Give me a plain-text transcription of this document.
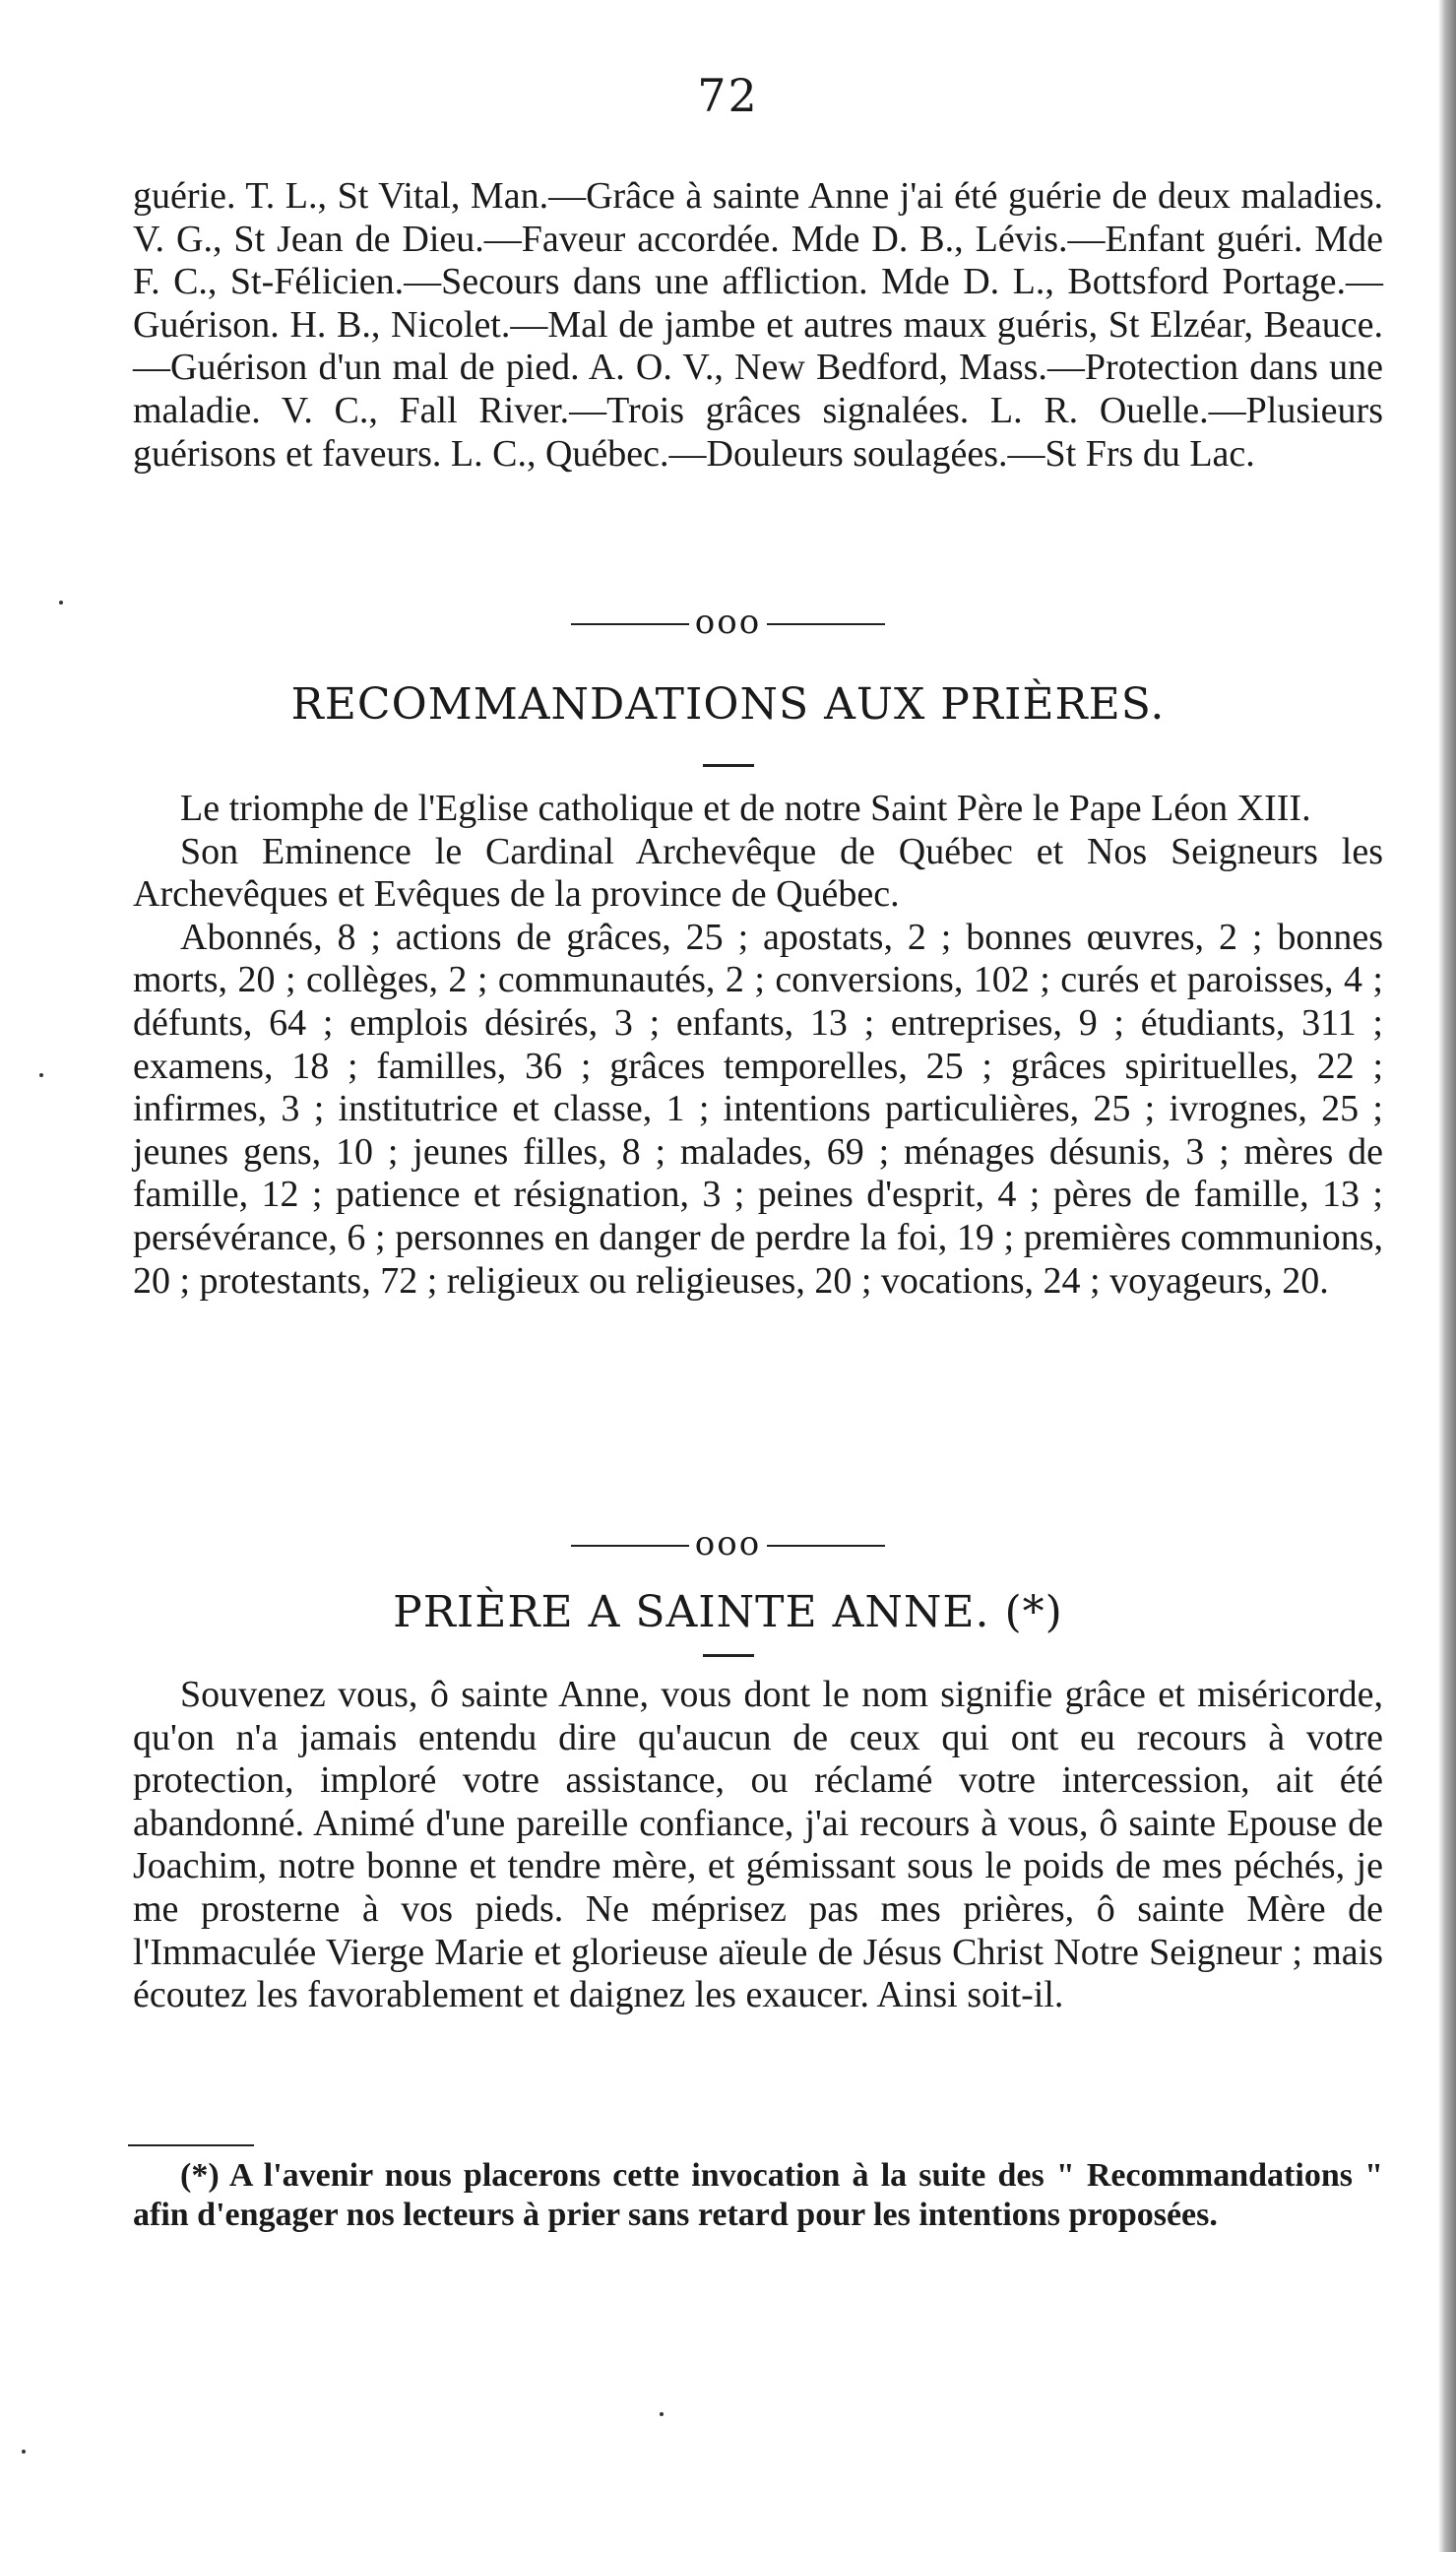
72

guérie. T. L., St Vital, Man.—Grâce à sainte Anne j'ai été guérie de deux maladies. V. G., St Jean de Dieu.—Faveur accordée. Mde D. B., Lévis.—Enfant guéri. Mde F. C., St-Félicien.—Secours dans une affliction. Mde D. L., Bottsford Portage.—Guérison. H. B., Nicolet.—Mal de jambe et autres maux guéris, St Elzéar, Beauce.—Guérison d'un mal de pied. A. O. V., New Bedford, Mass.—Protection dans une maladie. V. C., Fall River.—Trois grâces signalées. L. R. Ouelle.—Plusieurs guérisons et faveurs. L. C., Québec.—Douleurs soulagées.—St Frs du Lac.

ooo
RECOMMANDATIONS AUX PRIÈRES.

Le triomphe de l'Eglise catholique et de notre Saint Père le Pape Léon XIII.

Son Eminence le Cardinal Archevêque de Québec et Nos Seigneurs les Archevêques et Evêques de la province de Québec.

Abonnés, 8 ; actions de grâces, 25 ; apostats, 2 ; bonnes œuvres, 2 ; bonnes morts, 20 ; collèges, 2 ; communautés, 2 ; conversions, 102 ; curés et paroisses, 4 ; défunts, 64 ; emplois désirés, 3 ; enfants, 13 ; entreprises, 9 ; étudiants, 311 ; examens, 18 ; familles, 36 ; grâces temporelles, 25 ; grâces spirituelles, 22 ; infirmes, 3 ; institutrice et classe, 1 ; intentions particulières, 25 ; ivrognes, 25 ; jeunes gens, 10 ; jeunes filles, 8 ; malades, 69 ; ménages désunis, 3 ; mères de famille, 12 ; patience et résignation, 3 ; peines d'esprit, 4 ; pères de famille, 13 ; persévérance, 6 ; personnes en danger de perdre la foi, 19 ; premières communions, 20 ; protestants, 72 ; religieux ou religieuses, 20 ; vocations, 24 ; voyageurs, 20.

ooo
PRIÈRE A SAINTE ANNE. (*)

Souvenez vous, ô sainte Anne, vous dont le nom signifie grâce et miséricorde, qu'on n'a jamais entendu dire qu'aucun de ceux qui ont eu recours à votre protection, imploré votre assistance, ou réclamé votre intercession, ait été abandonné. Animé d'une pareille confiance, j'ai recours à vous, ô sainte Epouse de Joachim, notre bonne et tendre mère, et gémissant sous le poids de mes péchés, je me prosterne à vos pieds. Ne méprisez pas mes prières, ô sainte Mère de l'Immaculée Vierge Marie et glorieuse aïeule de Jésus Christ Notre Seigneur ; mais écoutez les favorablement et daignez les exaucer. Ainsi soit-il.

(*) A l'avenir nous placerons cette invocation à la suite des " Recommandations " afin d'engager nos lecteurs à prier sans retard pour les intentions proposées.
